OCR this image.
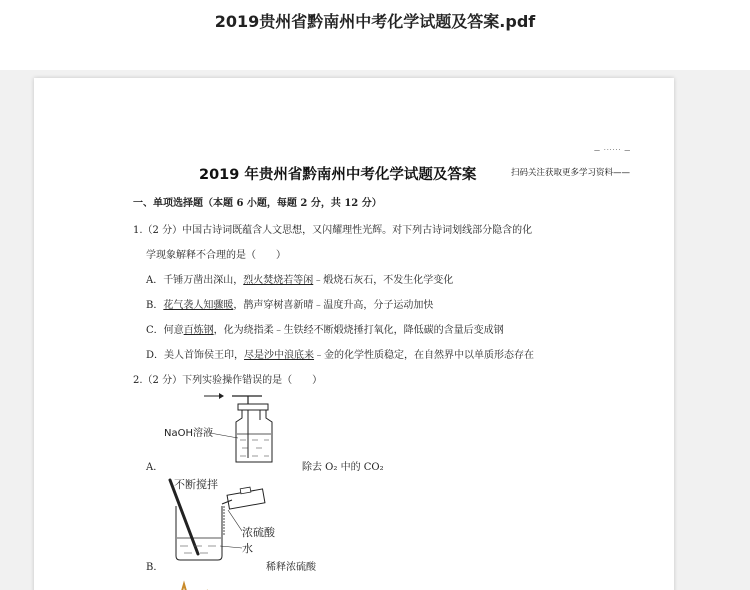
2019贵州省黔南州中考化学试题及答案.pdf
— ······ —
2019 年贵州省黔南州中考化学试题及答案	扫码关注获取更多学习资料——
一、单项选择题（本题 6 小题，每题 2 分，共 12 分）
1.（2 分）中国古诗词既蕴含人文思想，又闪耀理性光辉。对下列古诗词划线部分隐含的化
学现象解释不合理的是（　　）
A．千锤万凿出深山，烈火焚烧若等闲﹣煅烧石灰石，不发生化学变化
B．花气袭人知骤暖，鹊声穿树喜新晴﹣温度升高，分子运动加快
C．何意百炼钢，化为绕指柔﹣生铁经不断煅烧捶打氧化，降低碳的含量后变成钢
D．美人首饰侯王印，尽是沙中浪底来﹣金的化学性质稳定，在自然界中以单质形态存在
2.（2 分）下列实验操作错误的是（　　）
NaOH溶液
A．	除去 O₂ 中的 CO₂
不断搅拌
浓硫酸
水
B．	稀释浓硫酸
